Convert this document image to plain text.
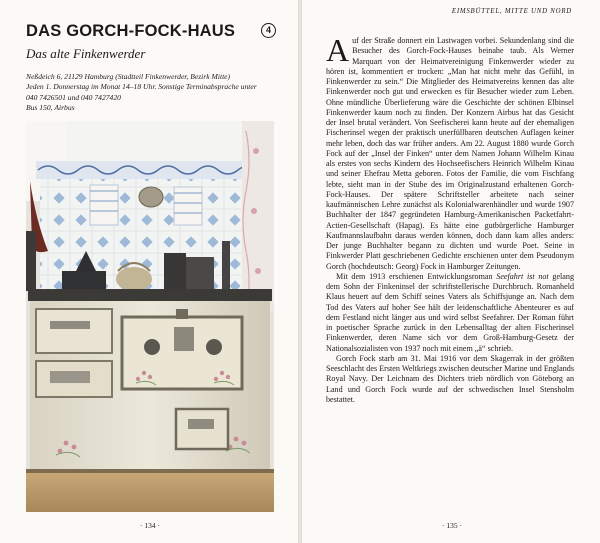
DAS GORCH-FOCK-HAUS	4
Das alte Finkenwerder
Neßdeich 6, 21129 Hamburg (Stadtteil Finkenwerder, Bezirk Mitte)
Jeden 1. Donnerstag im Monat 14–18 Uhr. Sonstige Terminabsprache unter
040 7426501 und 040 7427420
Bus 150, Airbus
· 134 ·
EIMSBÜTTEL, MITTE UND NORD

Auf der Straße donnert ein Lastwagen vorbei. Sekundenlang sind die Besucher des Gorch-Fock-Hauses beinahe taub. Als Werner Marquart von der Heimatvereinigung Finkenwerder wieder zu hören ist, kommentiert er trocken: „Man hat nicht mehr das Gefühl, in Finkenwerder zu sein.“ Die Mitglieder des Heimatvereins kennen das alte Finkenwerder noch gut und erwecken es für Besucher wieder zum Leben. Ohne mündliche Überlieferung wäre die Geschichte der schönen Elbinsel Finkenwerder kaum noch zu finden. Der Konzern Airbus hat das Gesicht der Insel brutal verändert. Von Seefischerei kann heute auf der ehemaligen Fischerinsel wegen der praktisch unerfüllbaren deutschen Auflagen keiner mehr leben, doch das war früher anders. Am 22. August 1880 wurde Gorch Fock auf der „Insel der Finken“ unter dem Namen Johann Wilhelm Kinau als erstes von sechs Kindern des Hochseefischers Heinrich Wilhelm Kinau und seiner Ehefrau Metta geboren. Fotos der Familie, die vom Fischfang lebte, sieht man in der Stube des im Originalzustand erhaltenen Gorch-Fock-Hauses. Der spätere Schriftsteller arbeitete nach seiner kaufmännischen Lehre zunächst als Kolonialwarenhändler und wurde 1907 Buchhalter der 1847 gegründeten Hamburg-Amerikanischen Packetfahrt-Actien-Gesellschaft (Hapag). Es hätte eine gutbürgerliche Hamburger Kaufmannslaufbahn daraus werden können, doch dann kam alles anders: Der junge Buchhalter begann zu dichten und wurde Poet. Seine in Finkwerder Platt geschriebenen Gedichte erschienen unter dem Pseudonym Gorch (hochdeutsch: Georg) Fock in Hamburger Zeitungen.

Mit dem 1913 erschienen Entwicklungsroman Seefahrt ist not gelang dem Sohn der Finkeninsel der schriftstellerische Durchbruch. Romanheld Klaus heuert auf dem Schiff seines Vaters als Schiffsjunge an. Nach dem Tod des Vaters auf hoher See hält der leidenschaftliche Abenteurer es auf dem Festland nicht länger aus und wird selbst Seefahrer. Der Roman führt in poetischer Sprache zurück in den Lebensalltag der alten Fischerinsel Finkenwerder, deren Name sich vor dem Groß-Hamburg-Gesetz der Nationalsozialisten von 1937 noch mit einem „ä“ schrieb.

Gorch Fock starb am 31. Mai 1916 vor dem Skagerrak in der größten Seeschlacht des Ersten Weltkriegs zwischen deutscher Marine und Englands Royal Navy. Der Leichnam des Dichters trieb nördlich von Göteborg an Land und Gorch Fock wurde auf der schwedischen Insel Stensholm bestattet.

· 135 ·
